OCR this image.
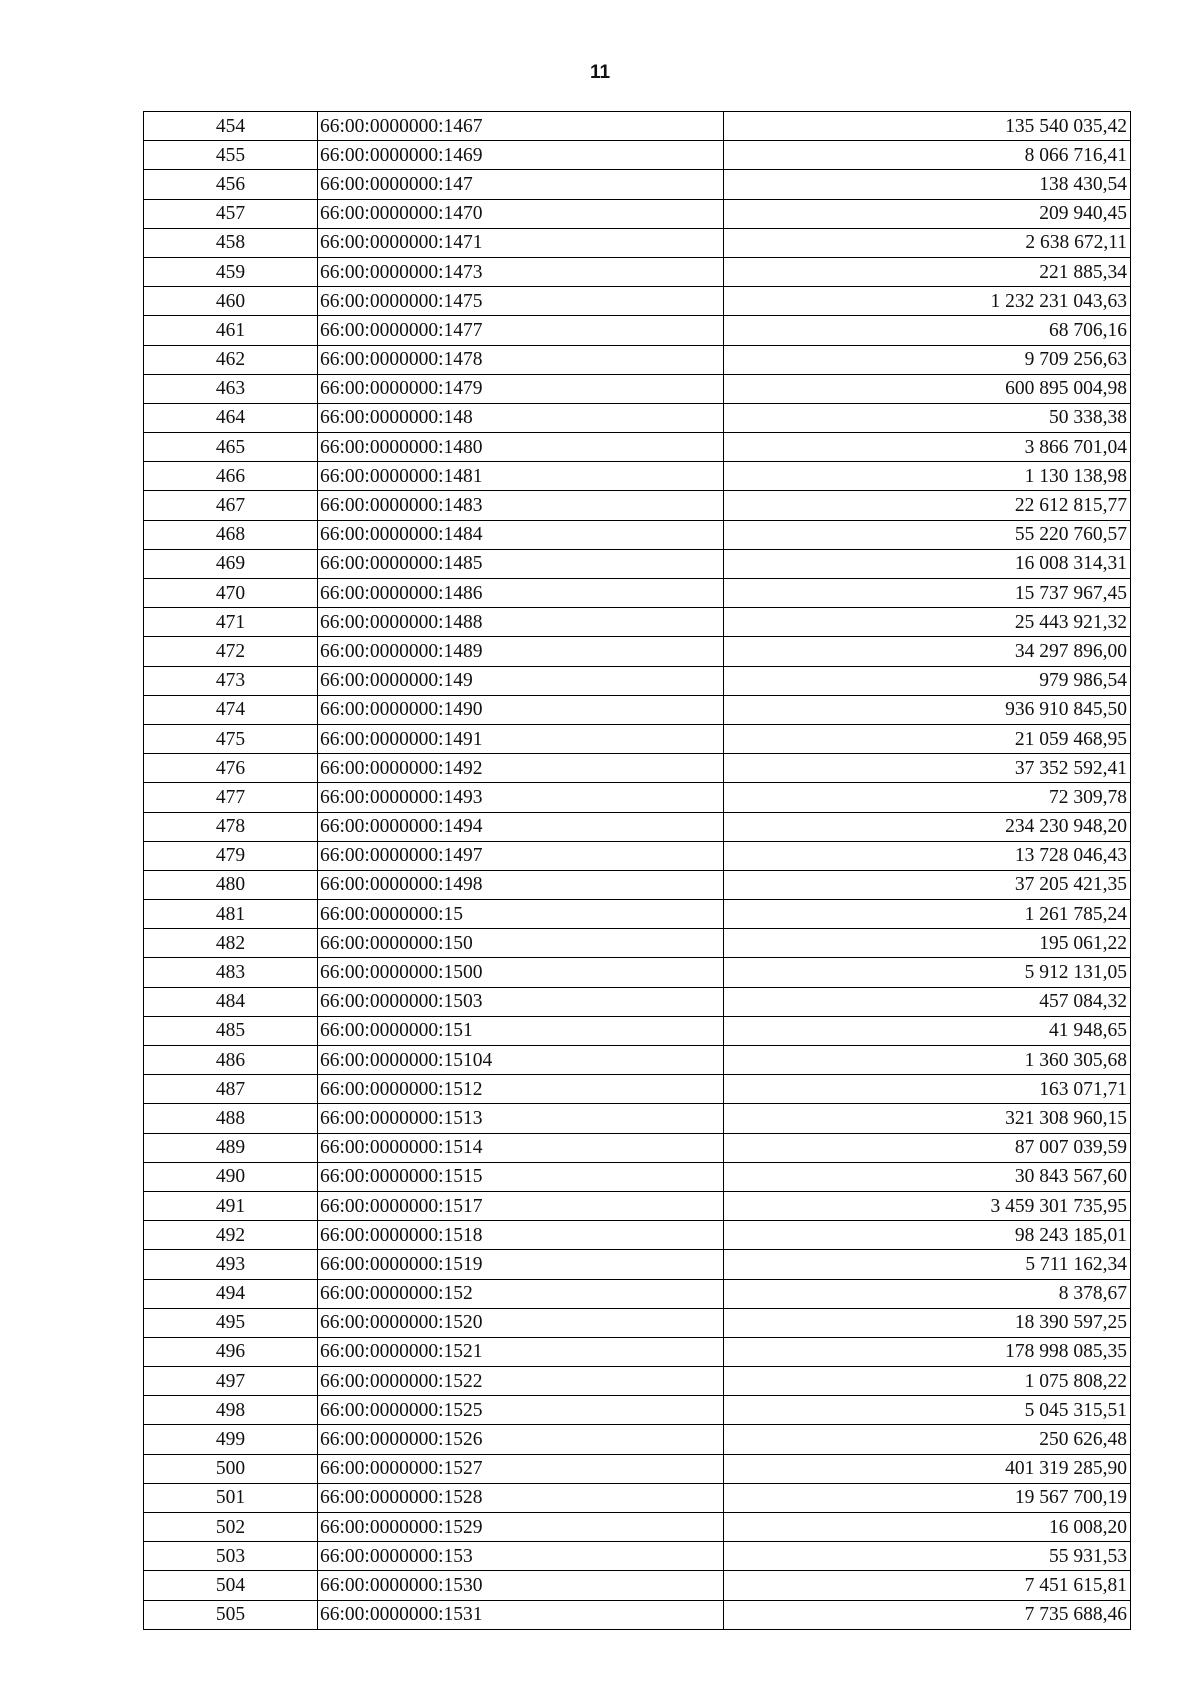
11
454	66:00:0000000:1467	135 540 035,42
455	66:00:0000000:1469	8 066 716,41
456	66:00:0000000:147	138 430,54
457	66:00:0000000:1470	209 940,45
458	66:00:0000000:1471	2 638 672,11
459	66:00:0000000:1473	221 885,34
460	66:00:0000000:1475	1 232 231 043,63
461	66:00:0000000:1477	68 706,16
462	66:00:0000000:1478	9 709 256,63
463	66:00:0000000:1479	600 895 004,98
464	66:00:0000000:148	50 338,38
465	66:00:0000000:1480	3 866 701,04
466	66:00:0000000:1481	1 130 138,98
467	66:00:0000000:1483	22 612 815,77
468	66:00:0000000:1484	55 220 760,57
469	66:00:0000000:1485	16 008 314,31
470	66:00:0000000:1486	15 737 967,45
471	66:00:0000000:1488	25 443 921,32
472	66:00:0000000:1489	34 297 896,00
473	66:00:0000000:149	979 986,54
474	66:00:0000000:1490	936 910 845,50
475	66:00:0000000:1491	21 059 468,95
476	66:00:0000000:1492	37 352 592,41
477	66:00:0000000:1493	72 309,78
478	66:00:0000000:1494	234 230 948,20
479	66:00:0000000:1497	13 728 046,43
480	66:00:0000000:1498	37 205 421,35
481	66:00:0000000:15	1 261 785,24
482	66:00:0000000:150	195 061,22
483	66:00:0000000:1500	5 912 131,05
484	66:00:0000000:1503	457 084,32
485	66:00:0000000:151	41 948,65
486	66:00:0000000:15104	1 360 305,68
487	66:00:0000000:1512	163 071,71
488	66:00:0000000:1513	321 308 960,15
489	66:00:0000000:1514	87 007 039,59
490	66:00:0000000:1515	30 843 567,60
491	66:00:0000000:1517	3 459 301 735,95
492	66:00:0000000:1518	98 243 185,01
493	66:00:0000000:1519	5 711 162,34
494	66:00:0000000:152	8 378,67
495	66:00:0000000:1520	18 390 597,25
496	66:00:0000000:1521	178 998 085,35
497	66:00:0000000:1522	1 075 808,22
498	66:00:0000000:1525	5 045 315,51
499	66:00:0000000:1526	250 626,48
500	66:00:0000000:1527	401 319 285,90
501	66:00:0000000:1528	19 567 700,19
502	66:00:0000000:1529	16 008,20
503	66:00:0000000:153	55 931,53
504	66:00:0000000:1530	7 451 615,81
505	66:00:0000000:1531	7 735 688,46
